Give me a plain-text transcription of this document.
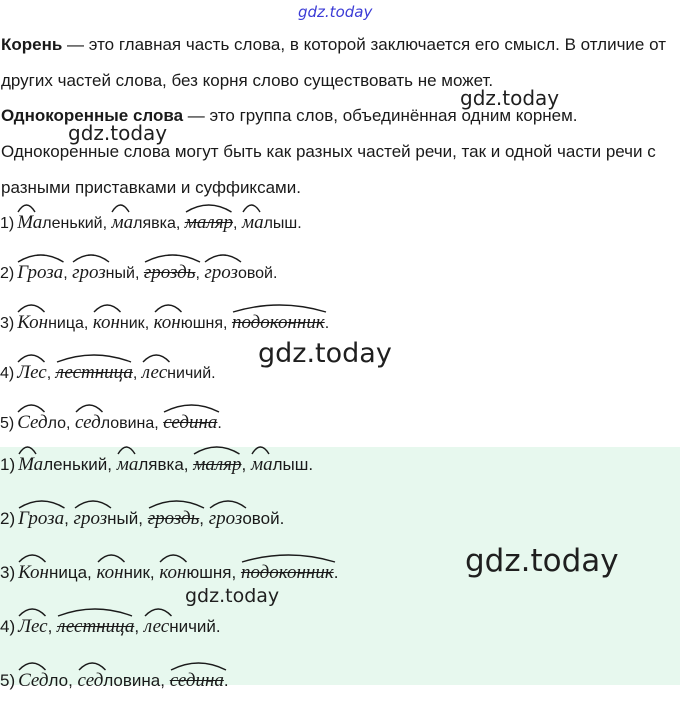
gdz.today

Корень — это главная часть слова, в которой заключается его смысл. В отличие от других частей слова, без корня слово существовать не может.

Однокоренные слова — это группа слов, объединённая одним корнем.

Однокоренные слова могут быть как разных частей речи, так и одной части речи с разными приставками и суффиксами.

1) Ма
ленький, ма
лявка, маляр
, ма
лыш.
2) Гроза
, гроз
ный, гроздь
, гроз
овой.
3) Кон
ница, кон
ник, кон
юшня, подоконник
.
4) Лес
, лестница
, лес
ничий.
5) Сед
ло, сед
ловина, седина
.
1) Ма
ленький, ма
лявка, маляр
, ма
лыш.
2) Гроза
, гроз
ный, гроздь
, гроз
овой.
3) Кон
ница, кон
ник, кон
юшня, подоконник
.
4) Лес
, лестница
, лес
ничий.
5) Сед
ло, сед
ловина, седина
.
gdz.today
gdz.today
gdz.today
gdz.today
gdz.today
